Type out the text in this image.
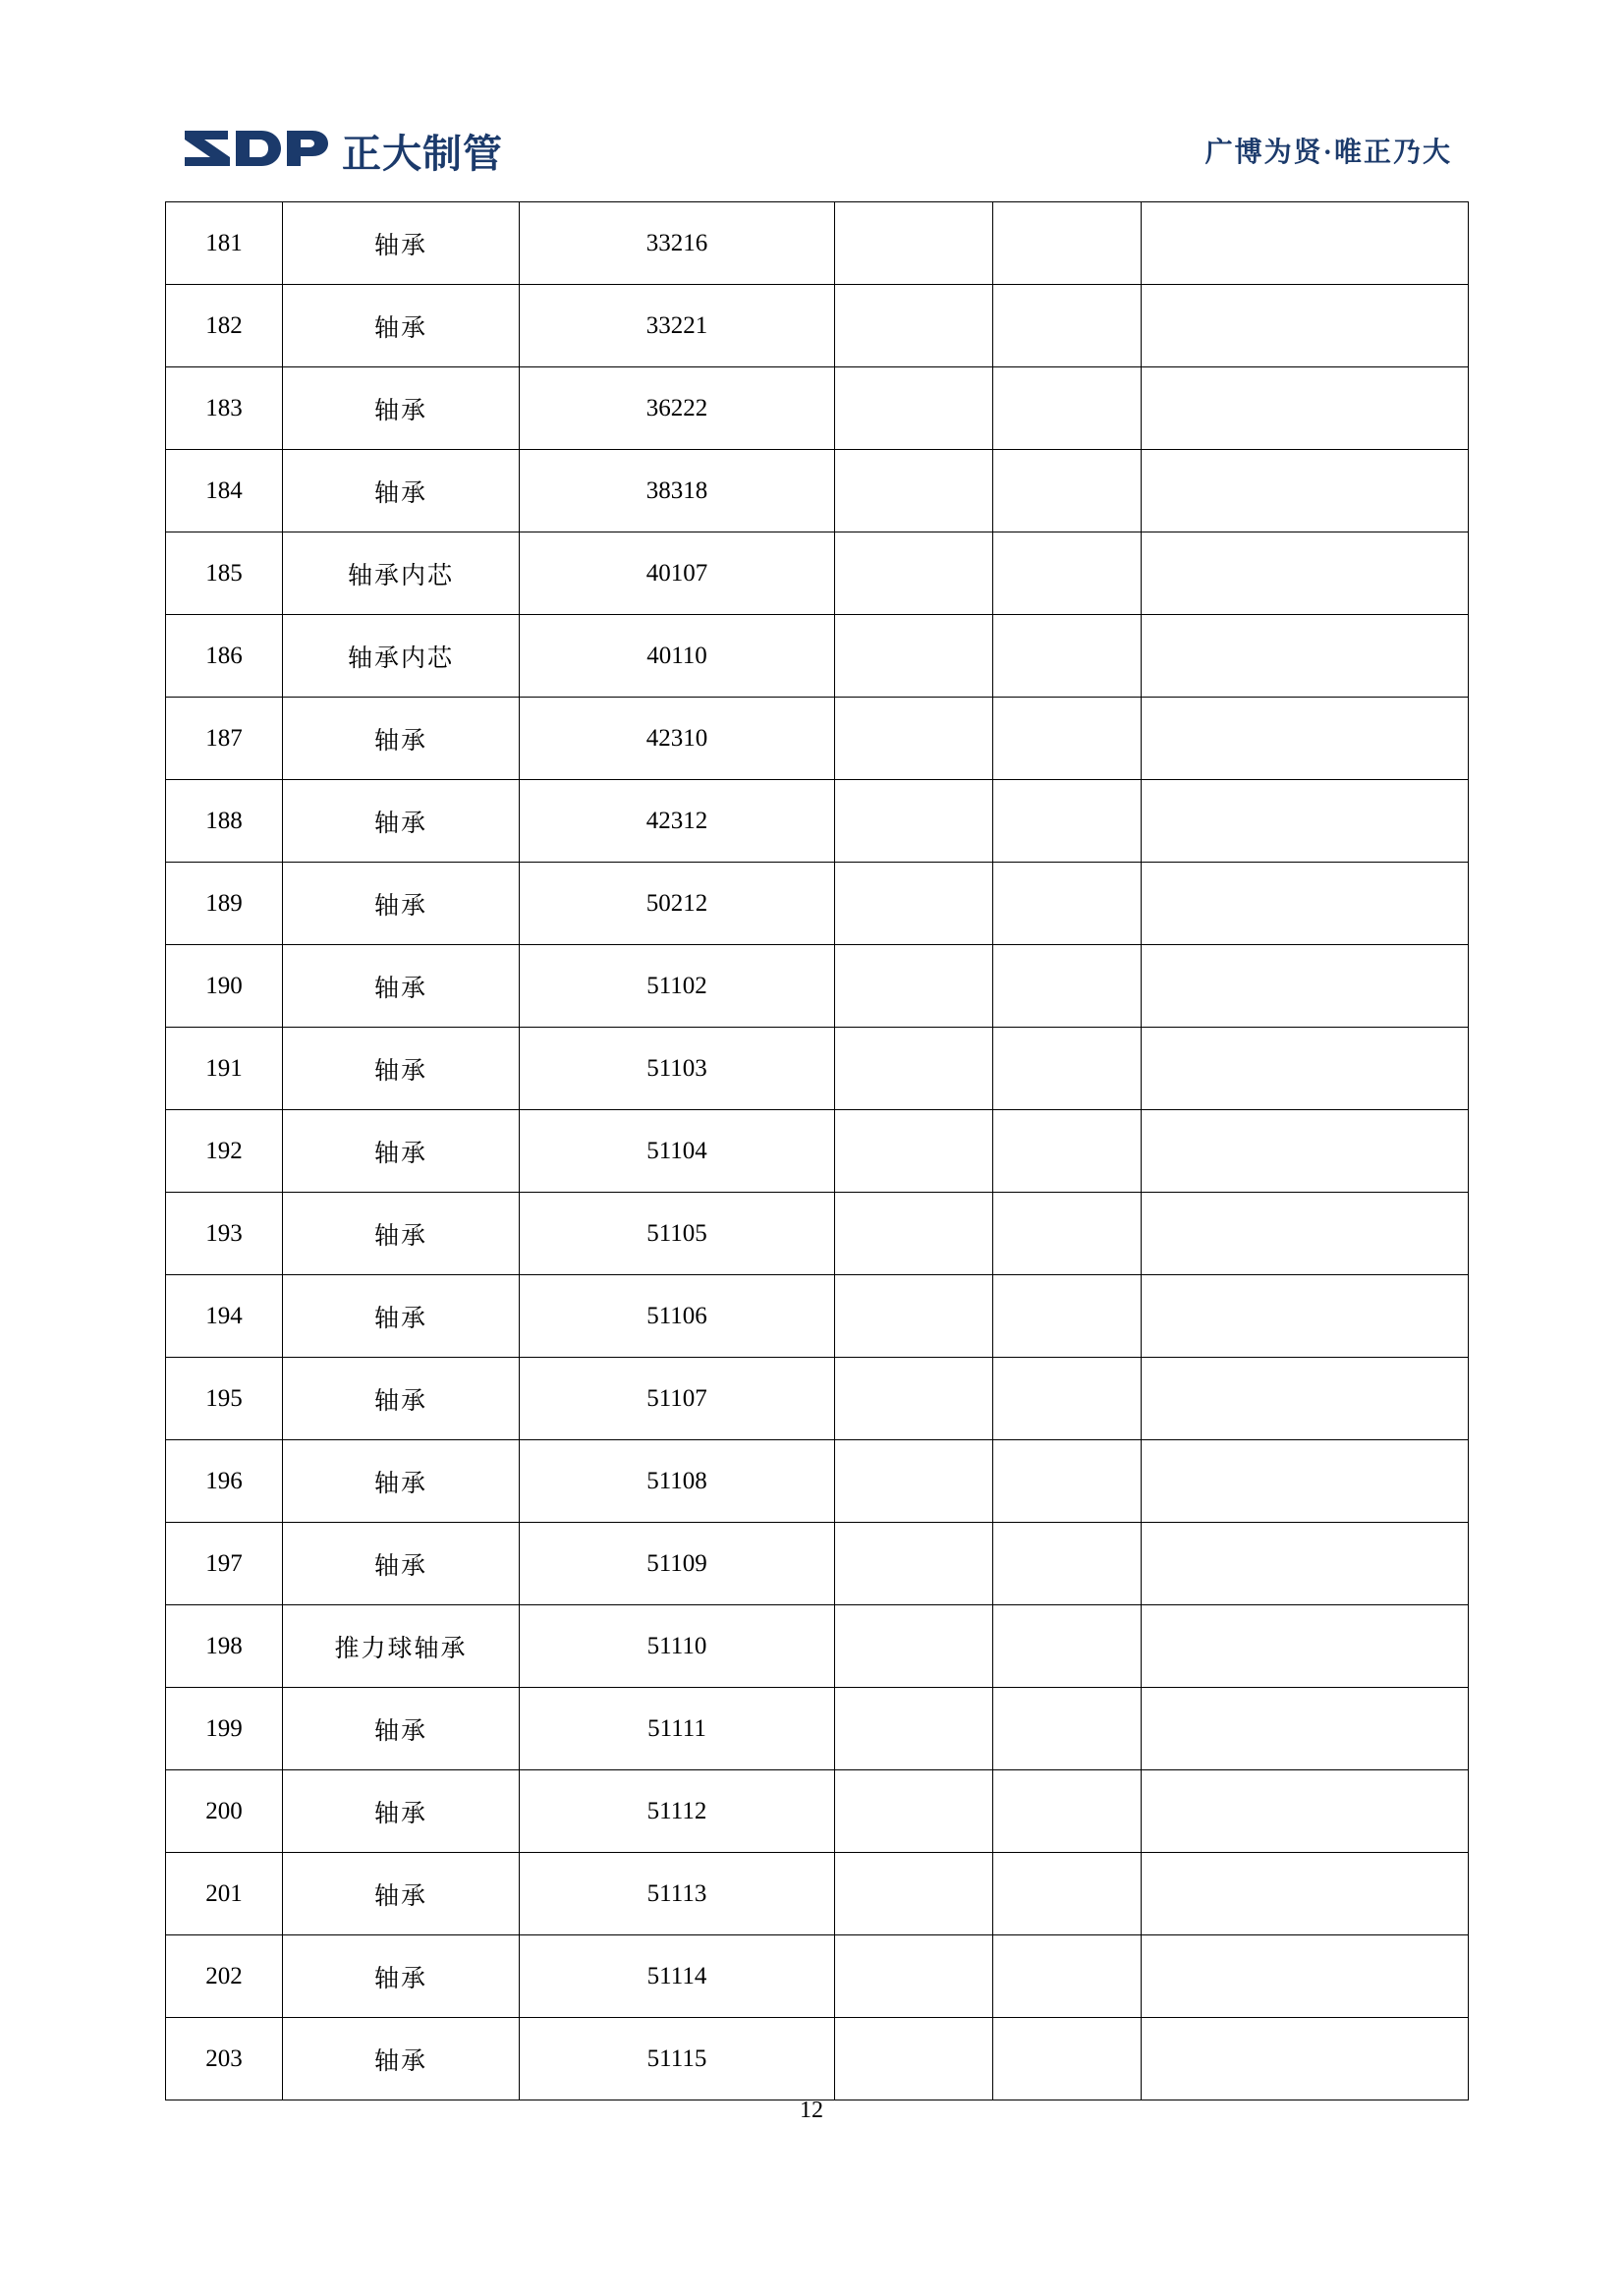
正大制管	广博为贤·唯正乃大
181	轴承	33216			
182	轴承	33221			
183	轴承	36222			
184	轴承	38318			
185	轴承内芯	40107			
186	轴承内芯	40110			
187	轴承	42310			
188	轴承	42312			
189	轴承	50212			
190	轴承	51102			
191	轴承	51103			
192	轴承	51104			
193	轴承	51105			
194	轴承	51106			
195	轴承	51107			
196	轴承	51108			
197	轴承	51109			
198	推力球轴承	51110			
199	轴承	51111			
200	轴承	51112			
201	轴承	51113			
202	轴承	51114			
203	轴承	51115			
12
